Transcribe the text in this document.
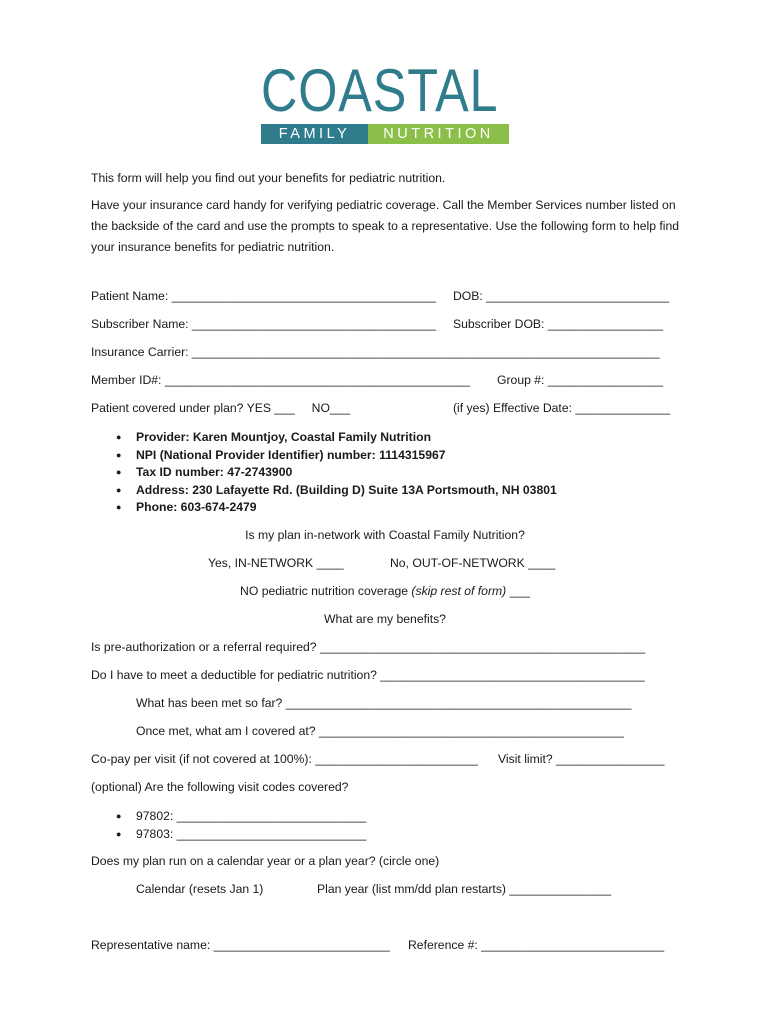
COASTAL
FAMILY	NUTRITION
This form will help you find out your benefits for pediatric nutrition.
Have your insurance card handy for verifying pediatric coverage. Call the Member Services number listed on the backside of the card and use the prompts to speak to a representative. Use the following form to help find your insurance benefits for pediatric nutrition.
Patient Name: _______________________________________ DOB: ___________________________
Subscriber Name: ____________________________________ Subscriber DOB: _________________
Insurance Carrier: _____________________________________________________________________
Member ID#: _____________________________________________ Group #: _________________
Patient covered under plan? YES ___     NO___	(if yes) Effective Date: ______________
● Provider: Karen Mountjoy, Coastal Family Nutrition
● NPI (National Provider Identifier) number: 1114315967
● Tax ID number: 47-2743900
● Address: 230 Lafayette Rd. (Building D) Suite 13A Portsmouth, NH 03801
● Phone: 603-674-2479
Is my plan in-network with Coastal Family Nutrition?
Yes, IN-NETWORK ____	No, OUT-OF-NETWORK ____
NO pediatric nutrition coverage (skip rest of form) ___
What are my benefits?
Is pre-authorization or a referral required? ________________________________________________
Do I have to meet a deductible for pediatric nutrition? _______________________________________
What has been met so far? ___________________________________________________
Once met, what am I covered at? _____________________________________________
Co-pay per visit (if not covered at 100%): ________________________ Visit limit? ________________
(optional) Are the following visit codes covered?
● 97802: ____________________________
● 97803: ____________________________
Does my plan run on a calendar year or a plan year? (circle one)
Calendar (resets Jan 1)	Plan year (list mm/dd plan restarts) _______________
Representative name: __________________________ Reference #: ___________________________
